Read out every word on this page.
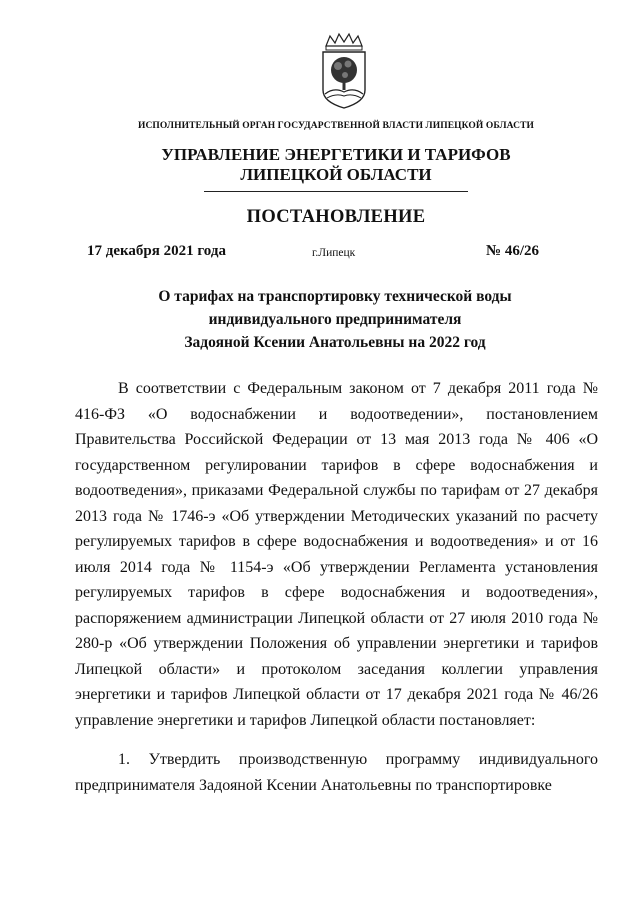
ИСПОЛНИТЕЛЬНЫЙ ОРГАН ГОСУДАРСТВЕННОЙ ВЛАСТИ ЛИПЕЦКОЙ ОБЛАСТИ
УПРАВЛЕНИЕ ЭНЕРГЕТИКИ И ТАРИФОВ
ЛИПЕЦКОЙ ОБЛАСТИ
ПОСТАНОВЛЕНИЕ
17 декабря 2021 года	г.Липецк	№ 46/26
О тарифах на транспортировку технической воды
индивидуального предпринимателя
Задояной Ксении Анатольевны на 2022 год

В соответствии с Федеральным законом от 7 декабря 2011 года № 416-ФЗ «О водоснабжении и водоотведении», постановлением Правительства Российской Федерации от 13 мая 2013 года № 406 «О государственном регулировании тарифов в сфере водоснабжения и водоотведения», приказами Федеральной службы по тарифам от 27 декабря 2013 года № 1746-э «Об утверждении Методических указаний по расчету регулируемых тарифов в сфере водоснабжения и водоотведения» и от 16 июля 2014 года № 1154-э «Об утверждении Регламента установления регулируемых тарифов в сфере водоснабжения и водоотведения», распоряжением администрации Липецкой области от 27 июля 2010 года № 280-р «Об утверждении Положения об управлении энергетики и тарифов Липецкой области» и протоколом заседания коллегии управления энергетики и тарифов Липецкой области от 17 декабря 2021 года № 46/26 управление энергетики и тарифов Липецкой области постановляет:

1. Утвердить производственную программу индивидуального предпринимателя Задояной Ксении Анатольевны по транспортировке
